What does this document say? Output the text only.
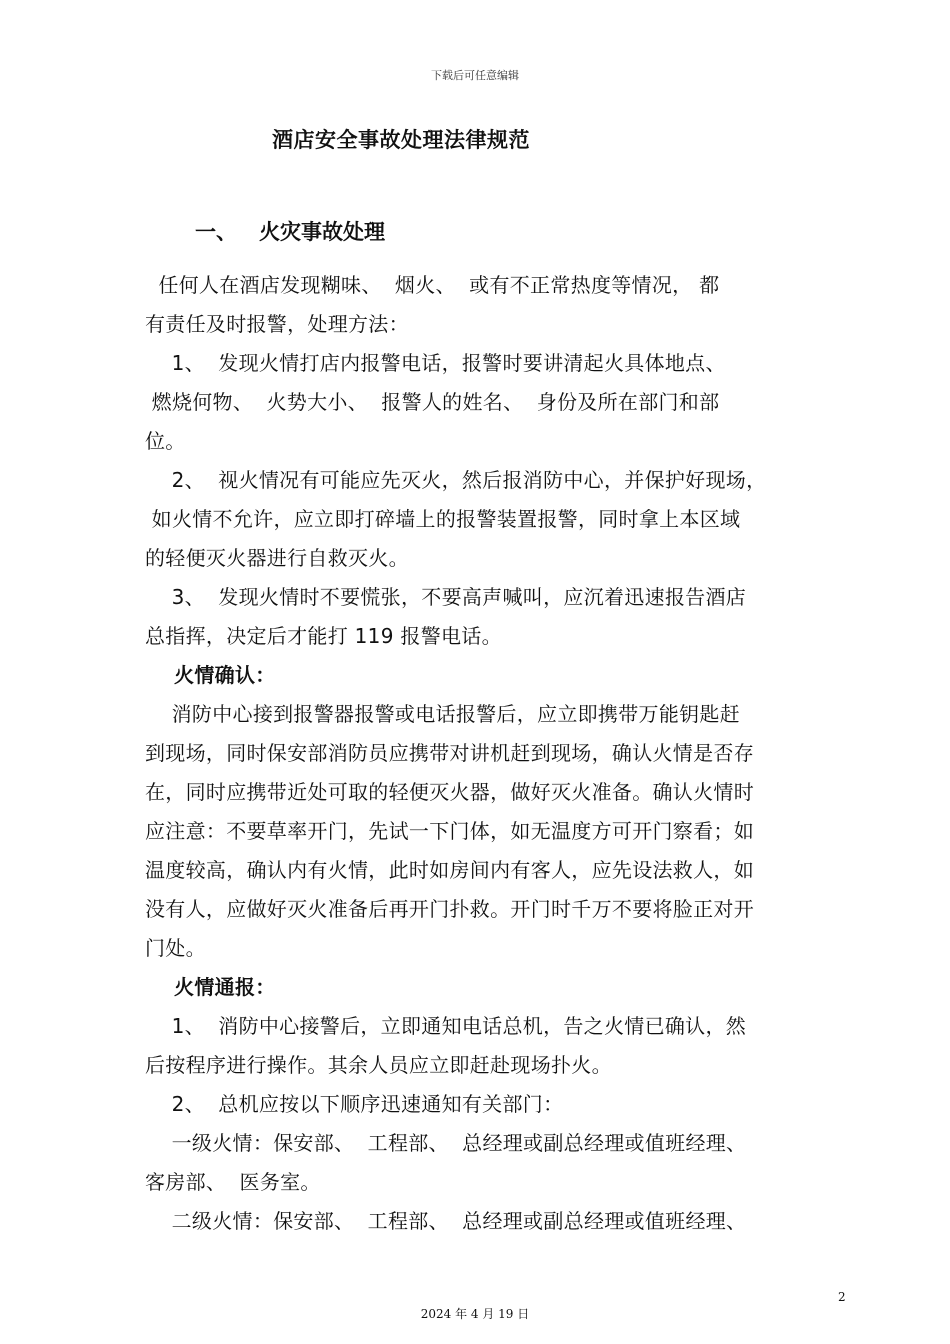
下载后可任意编辑
酒店安全事故处理法律规范
一、 火灾事故处理
任何人在酒店发现糊味、  烟火、  或有不正常热度等情况， 都
有责任及时报警，处理方法：
1、  发现火情打店内报警电话，报警时要讲清起火具体地点、
燃烧何物、  火势大小、  报警人的姓名、  身份及所在部门和部
位。
2、  视火情况有可能应先灭火，然后报消防中心，并保护好现场，
如火情不允许，应立即打碎墙上的报警装置报警，同时拿上本区域
的轻便灭火器进行自救灭火。
3、  发现火情时不要慌张，不要高声喊叫，应沉着迅速报告酒店
总指挥，决定后才能打 119 报警电话。
火情确认：
消防中心接到报警器报警或电话报警后，应立即携带万能钥匙赶
到现场，同时保安部消防员应携带对讲机赶到现场，确认火情是否存
在，同时应携带近处可取的轻便灭火器，做好灭火准备。确认火情时
应注意：不要草率开门，先试一下门体，如无温度方可开门察看；如
温度较高，确认内有火情，此时如房间内有客人，应先设法救人，如
没有人，应做好灭火准备后再开门扑救。开门时千万不要将脸正对开
门处。
火情通报：
1、  消防中心接警后，立即通知电话总机，告之火情已确认，然
后按程序进行操作。其余人员应立即赶赴现场扑火。
2、  总机应按以下顺序迅速通知有关部门：
一级火情：保安部、  工程部、  总经理或副总经理或值班经理、
客房部、  医务室。
二级火情：保安部、  工程部、  总经理或副总经理或值班经理、
2
2024 年 4 月 19 日
